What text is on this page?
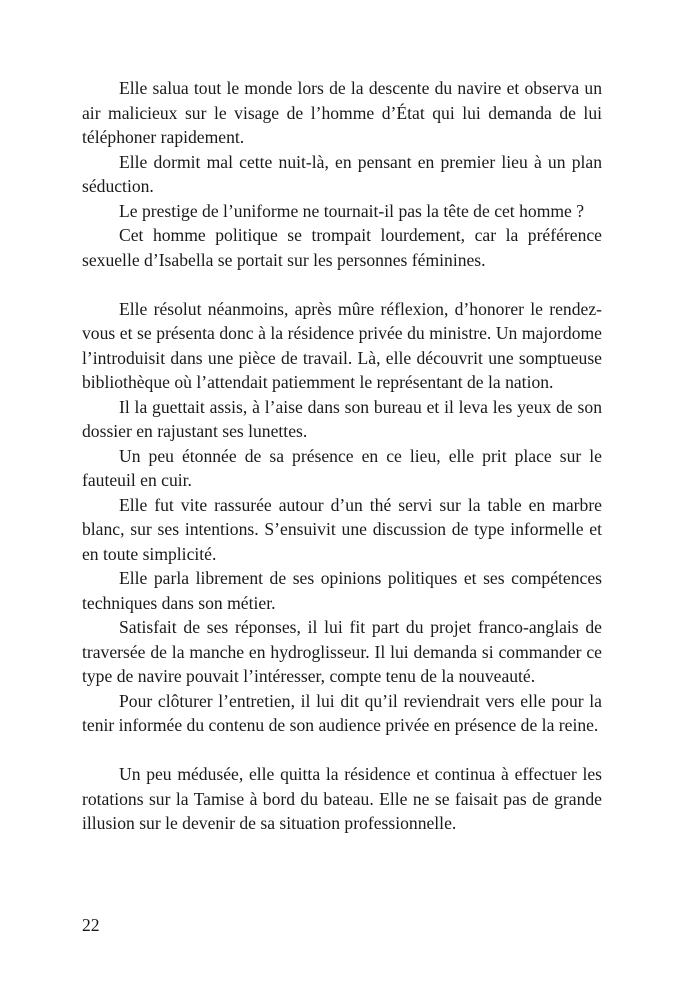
Elle salua tout le monde lors de la descente du navire et observa un air malicieux sur le visage de l’homme d’État qui lui demanda de lui téléphoner rapidement.

Elle dormit mal cette nuit-là, en pensant en premier lieu à un plan séduction.

Le prestige de l’uniforme ne tournait-il pas la tête de cet homme ?

Cet homme politique se trompait lourdement, car la préférence sexuelle d’Isabella se portait sur les personnes féminines.

Elle résolut néanmoins, après mûre réflexion, d’honorer le rendez-vous et se présenta donc à la résidence privée du ministre. Un majordome l’introduisit dans une pièce de travail. Là, elle découvrit une somptueuse bibliothèque où l’attendait patiemment le représentant de la nation.

Il la guettait assis, à l’aise dans son bureau et il leva les yeux de son dossier en rajustant ses lunettes.

Un peu étonnée de sa présence en ce lieu, elle prit place sur le fauteuil en cuir.

Elle fut vite rassurée autour d’un thé servi sur la table en marbre blanc, sur ses intentions. S’ensuivit une discussion de type informelle et en toute simplicité.

Elle parla librement de ses opinions politiques et ses compétences techniques dans son métier.

Satisfait de ses réponses, il lui fit part du projet franco-anglais de traversée de la manche en hydroglisseur. Il lui demanda si commander ce type de navire pouvait l’intéresser, compte tenu de la nouveauté.

Pour clôturer l’entretien, il lui dit qu’il reviendrait vers elle pour la tenir informée du contenu de son audience privée en présence de la reine.

Un peu médusée, elle quitta la résidence et continua à effectuer les rotations sur la Tamise à bord du bateau. Elle ne se faisait pas de grande illusion sur le devenir de sa situation professionnelle.

22
